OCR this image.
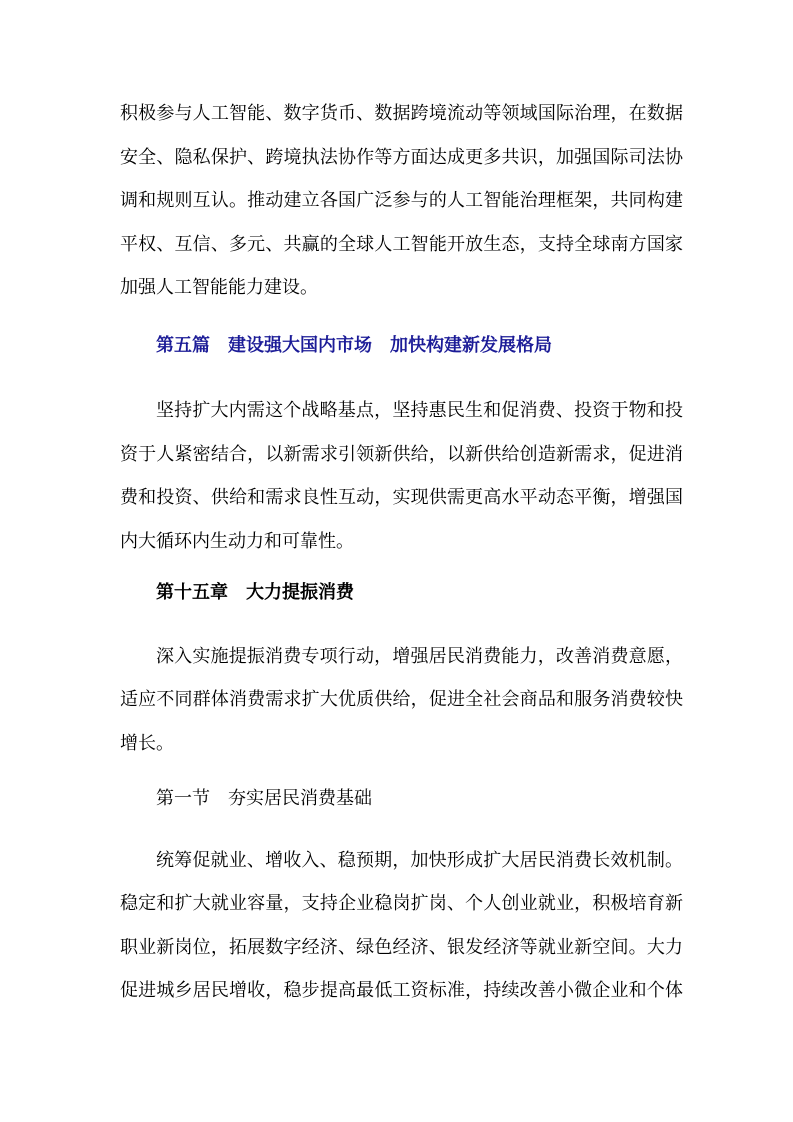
积极参与人工智能、数字货币、数据跨境流动等领域国际治理，在数据
安全、隐私保护、跨境执法协作等方面达成更多共识，加强国际司法协
调和规则互认。推动建立各国广泛参与的人工智能治理框架，共同构建
平权、互信、多元、共赢的全球人工智能开放生态，支持全球南方国家
加强人工智能能力建设。
第五篇　建设强大国内市场　加快构建新发展格局
坚持扩大内需这个战略基点，坚持惠民生和促消费、投资于物和投
资于人紧密结合，以新需求引领新供给，以新供给创造新需求，促进消
费和投资、供给和需求良性互动，实现供需更高水平动态平衡，增强国
内大循环内生动力和可靠性。
第十五章　大力提振消费
深入实施提振消费专项行动，增强居民消费能力，改善消费意愿，
适应不同群体消费需求扩大优质供给，促进全社会商品和服务消费较快
增长。
第一节　夯实居民消费基础
统筹促就业、增收入、稳预期，加快形成扩大居民消费长效机制。
稳定和扩大就业容量，支持企业稳岗扩岗、个人创业就业，积极培育新
职业新岗位，拓展数字经济、绿色经济、银发经济等就业新空间。大力
促进城乡居民增收，稳步提高最低工资标准，持续改善小微企业和个体
